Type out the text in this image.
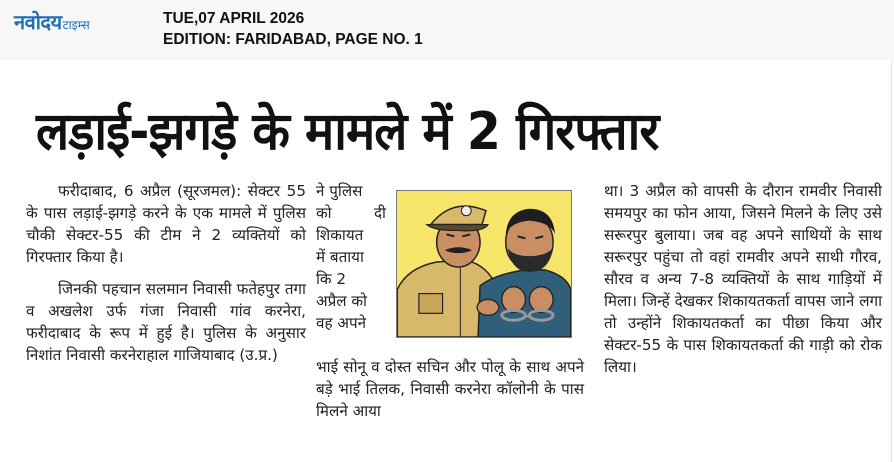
नवोदय टाइम्स	TUE,07 APRIL 2026
EDITION: FARIDABAD, PAGE NO. 1
लड़ाई-झगड़े के मामले में 2 गिरफ्तार

फरीदाबाद, 6 अप्रैल (सूरजमल): सेक्टर 55 के पास लड़ाई-झगड़े करने के एक मामले में पुलिस चौकी सेक्टर-55 की टीम ने 2 व्यक्तियों को गिरफ्तार किया है।

जिनकी पहचान सलमान निवासी फतेहपुर तगा व अखलेश उर्फ गंजा निवासी गांव करनेरा, फरीदाबाद के रूप में हुई है। पुलिस के अनुसार निशांत निवासी करनेराहाल गाजियाबाद (उ.प्र.)

ने पुलिस
को दी
शिकायत
में बताया
कि 2
अप्रैल को
वह अपने
भाई सोनू व दोस्त सचिन और पोलू के साथ अपने बड़े भाई तिलक, निवासी करनेरा कॉलोनी के पास मिलने आया
था। 3 अप्रैल को वापसी के दौरान रामवीर निवासी समयपुर का फोन आया, जिसने मिलने के लिए उसे सरूरपुर बुलाया। जब वह अपने साथियों के साथ सरूरपुर पहुंचा तो वहां रामवीर अपने साथी गौरव, सौरव व अन्य 7-8 व्यक्तियों के साथ गाड़ियों में मिला। जिन्हें देखकर शिकायतकर्ता वापस जाने लगा तो उन्होंने शिकायतकर्ता का पीछा किया और सेक्टर-55 के पास शिकायतकर्ता की गाड़ी को रोक लिया।
